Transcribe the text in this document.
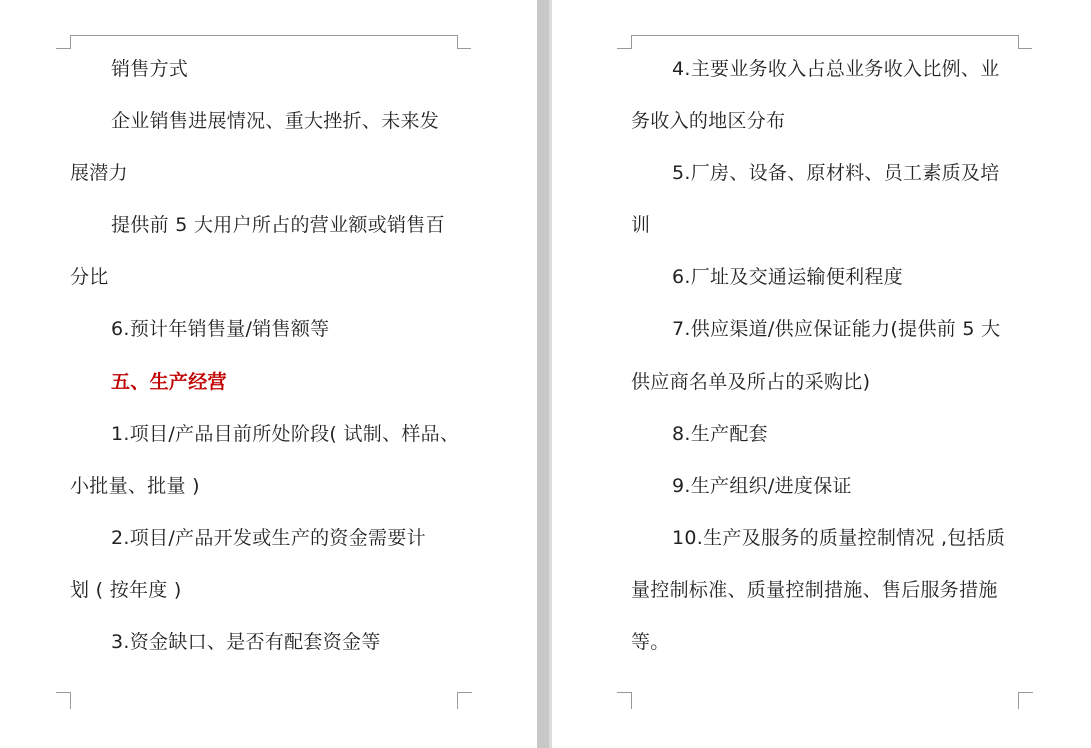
销售方式
企业销售进展情况、重大挫折、未来发
展潜力
提供前 5 大用户所占的营业额或销售百
分比
6.预计年销售量/销售额等
五、生产经营
1.项目/产品目前所处阶段( 试制、样品、
小批量、批量 )
2.项目/产品开发或生产的资金需要计
划 ( 按年度 )
3.资金缺口、是否有配套资金等
4.主要业务收入占总业务收入比例、业
务收入的地区分布
5.厂房、设备、原材料、员工素质及培
训
6.厂址及交通运输便利程度
7.供应渠道/供应保证能力(提供前 5 大
供应商名单及所占的采购比)
8.生产配套
9.生产组织/进度保证
10.生产及服务的质量控制情况 ,包括质
量控制标准、质量控制措施、售后服务措施
等。
